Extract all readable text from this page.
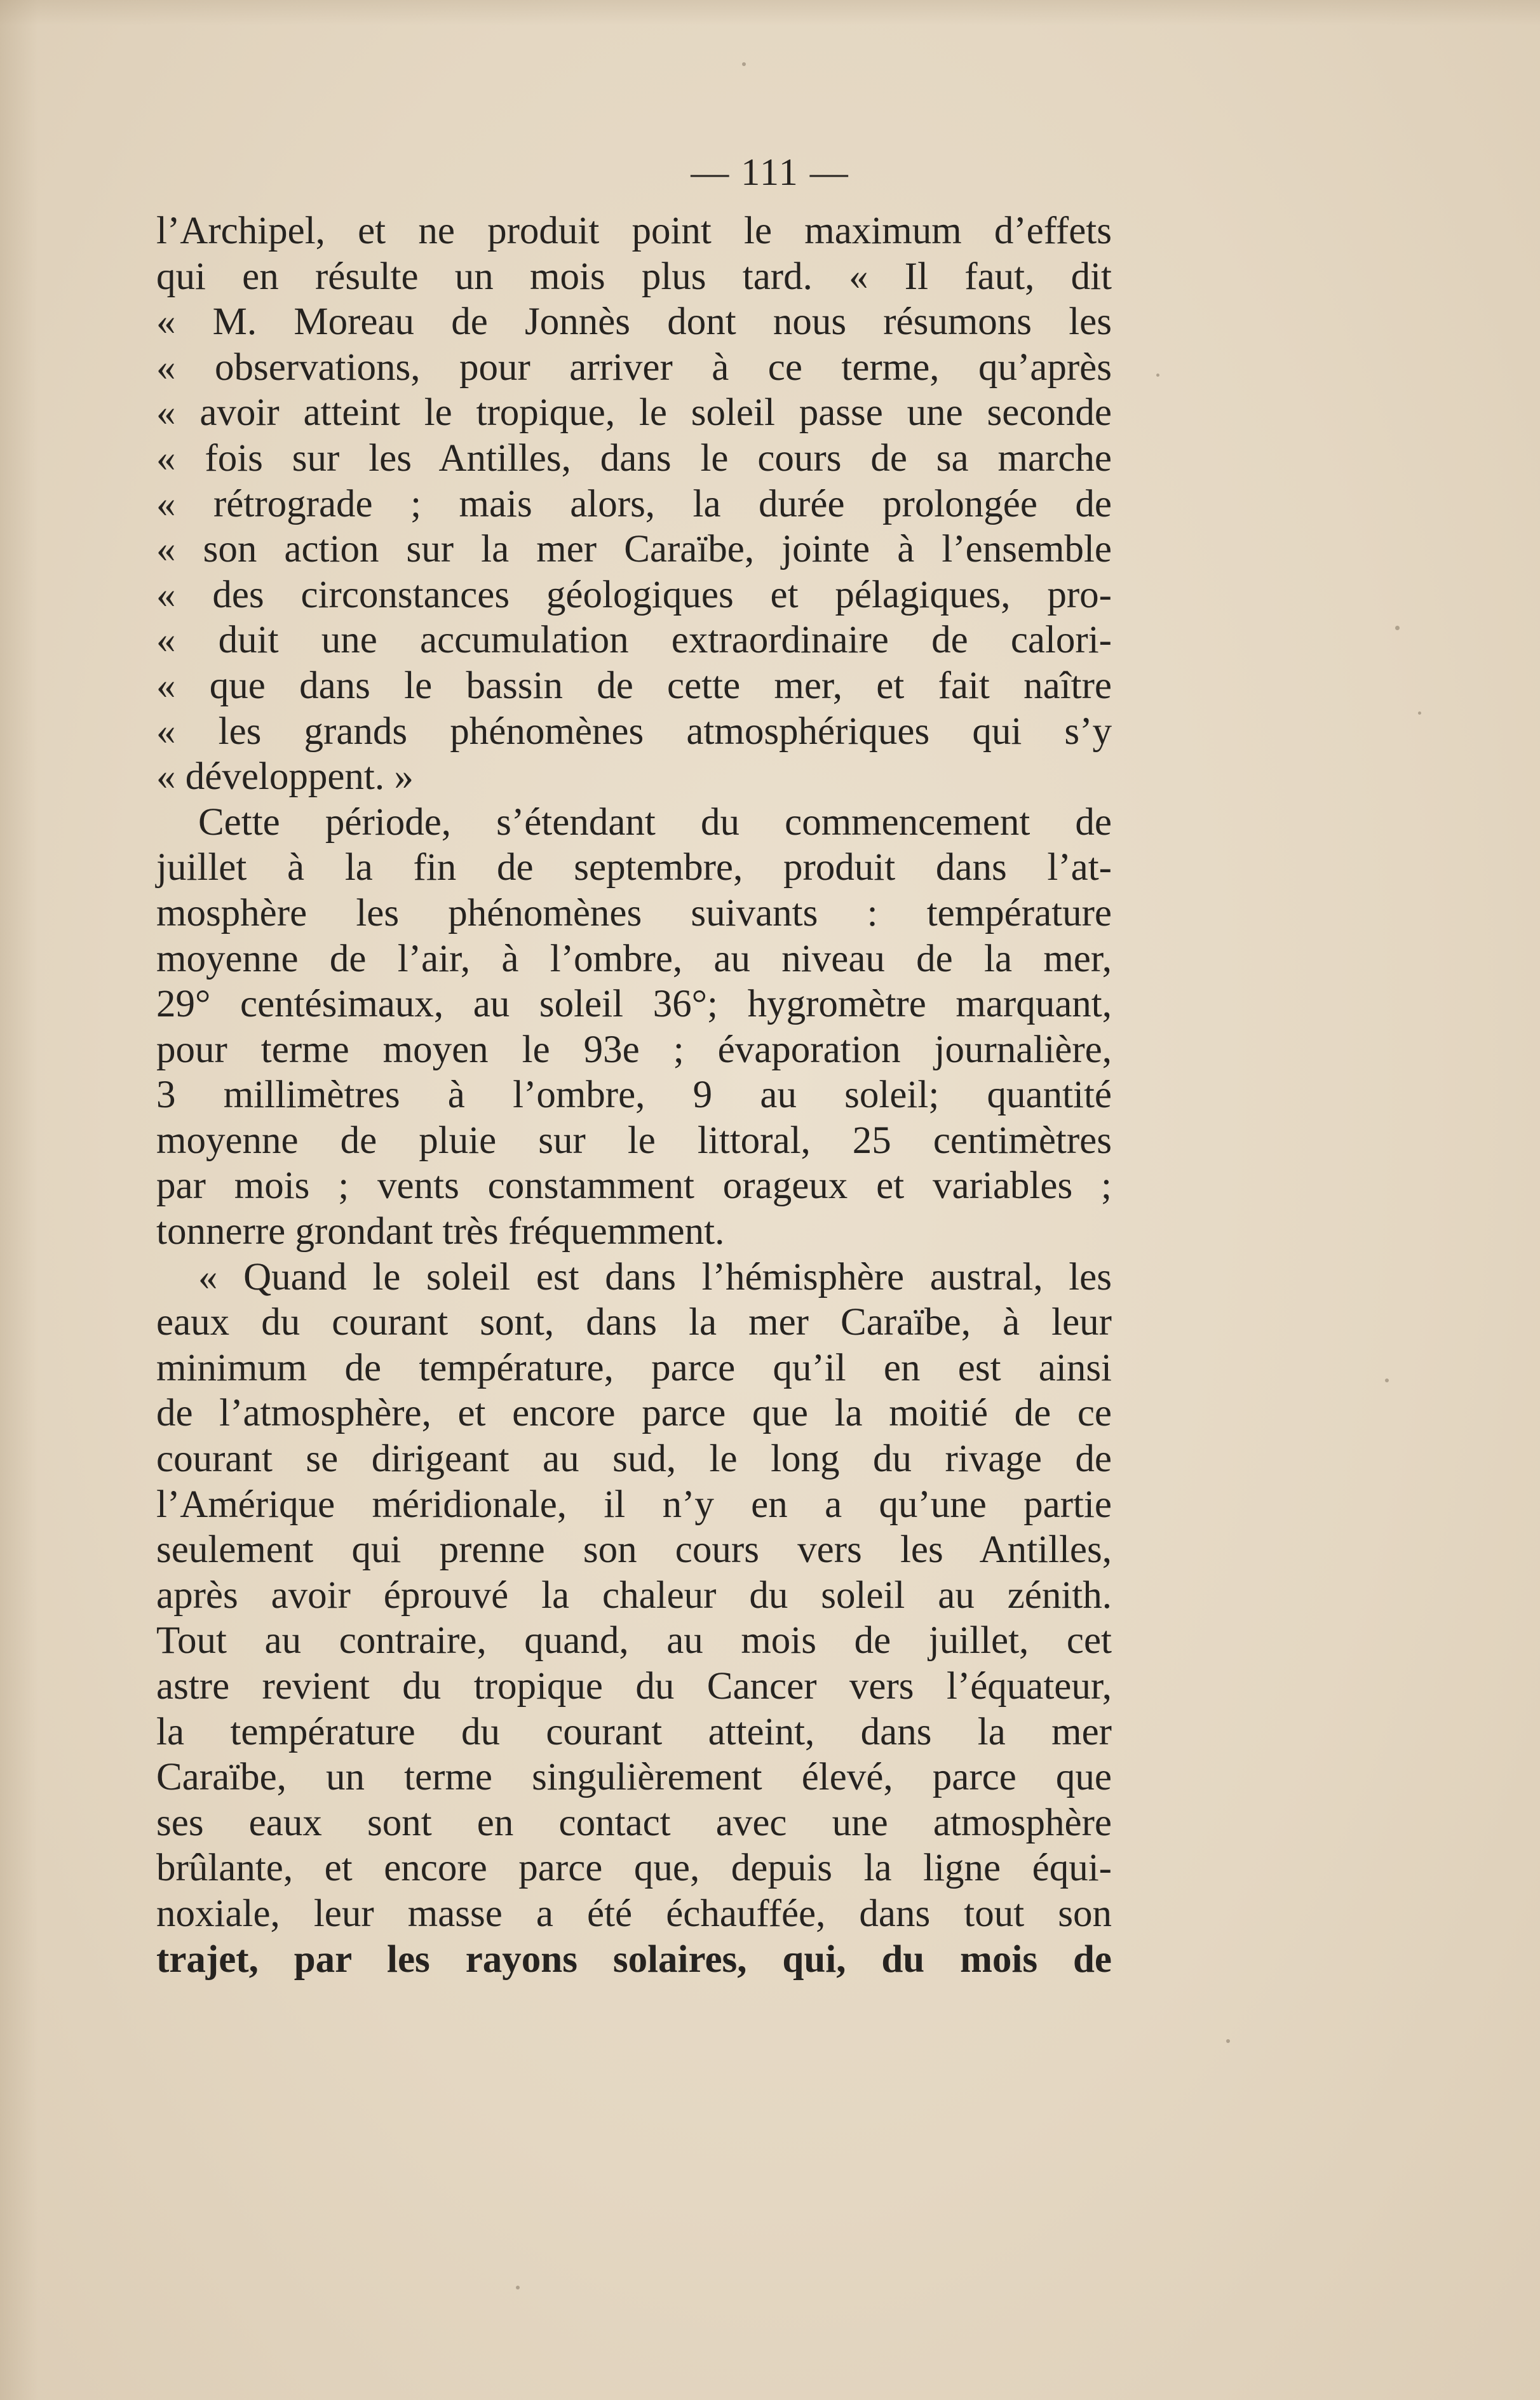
— 111 —
l’Archipel, et ne produit point le maximum d’effets
qui en résulte un mois plus tard. « Il faut, dit
« M. Moreau de Jonnès dont nous résumons les
« observations, pour arriver à ce terme, qu’après
« avoir atteint le tropique, le soleil passe une seconde
« fois sur les Antilles, dans le cours de sa marche
« rétrograde ; mais alors, la durée prolongée de
« son action sur la mer Caraïbe, jointe à l’ensemble
« des circonstances géologiques et pélagiques, pro-
« duit une accumulation extraordinaire de calori-
« que dans le bassin de cette mer, et fait naître
« les grands phénomènes atmosphériques qui s’y
« développent. »
Cette période, s’étendant du commencement de
juillet à la fin de septembre, produit dans l’at-
mosphère les phénomènes suivants : température
moyenne de l’air, à l’ombre, au niveau de la mer,
29° centésimaux, au soleil 36°; hygromètre marquant,
pour terme moyen le 93e ; évaporation journalière,
3 millimètres à l’ombre, 9 au soleil; quantité
moyenne de pluie sur le littoral, 25 centimètres
par mois ; vents constamment orageux et variables ;
tonnerre grondant très fréquemment.
« Quand le soleil est dans l’hémisphère austral, les
eaux du courant sont, dans la mer Caraïbe, à leur
minimum de température, parce qu’il en est ainsi
de l’atmosphère, et encore parce que la moitié de ce
courant se dirigeant au sud, le long du rivage de
l’Amérique méridionale, il n’y en a qu’une partie
seulement qui prenne son cours vers les Antilles,
après avoir éprouvé la chaleur du soleil au zénith.
Tout au contraire, quand, au mois de juillet, cet
astre revient du tropique du Cancer vers l’équateur,
la température du courant atteint, dans la mer
Caraïbe, un terme singulièrement élevé, parce que
ses eaux sont en contact avec une atmosphère
brûlante, et encore parce que, depuis la ligne équi-
noxiale, leur masse a été échauffée, dans tout son
trajet, par les rayons solaires, qui, du mois de
